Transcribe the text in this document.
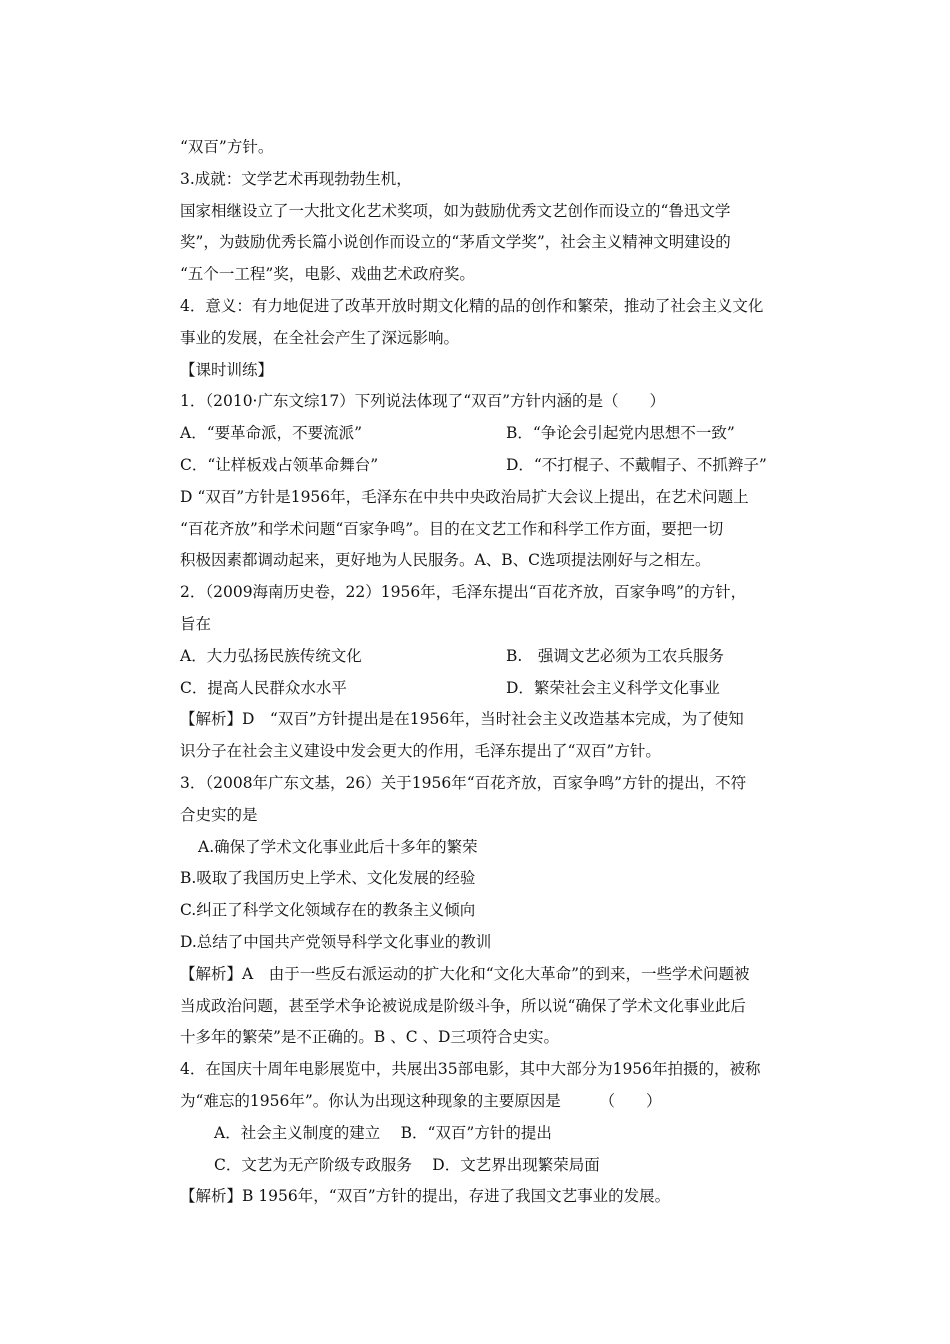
“双百”方针。
3.成就：文学艺术再现勃勃生机，
国家相继设立了一大批文化艺术奖项，如为鼓励优秀文艺创作而设立的“鲁迅文学
奖”，为鼓励优秀长篇小说创作而设立的“茅盾文学奖”，社会主义精神文明建设的
“五个一工程”奖，电影、戏曲艺术政府奖。
4．意义：有力地促进了改革开放时期文化精的品的创作和繁荣，推动了社会主义文化
事业的发展，在全社会产生了深远影响。
【课时训练】
1．（2010·广东文综17）下列说法体现了“双百”方针内涵的是（　　）
A．“要革命派，不要流派”	B．“争论会引起党内思想不一致”
C．“让样板戏占领革命舞台”	D．“不打棍子、不戴帽子、不抓辫子”
D “双百”方针是1956年，毛泽东在中共中央政治局扩大会议上提出，在艺术问题上
“百花齐放”和学术问题“百家争鸣”。目的在文艺工作和科学工作方面，要把一切
积极因素都调动起来，更好地为人民服务。A、B、C选项提法刚好与之相左。
2．（2009海南历史卷，22）1956年，毛泽东提出“百花齐放，百家争鸣”的方针，
旨在
A．大力弘扬民族传统文化	B.　强调文艺必须为工农兵服务
C．提高人民群众水水平	D．繁荣社会主义科学文化事业
【解析】D　“双百”方针提出是在1956年，当时社会主义改造基本完成，为了使知
识分子在社会主义建设中发会更大的作用，毛泽东提出了“双百”方针。
3．（2008年广东文基，26）关于1956年“百花齐放，百家争鸣”方针的提出，不符
合史实的是
A.确保了学术文化事业此后十多年的繁荣
B.吸取了我国历史上学术、文化发展的经验
C.纠正了科学文化领域存在的教条主义倾向
D.总结了中国共产党领导科学文化事业的教训
【解析】A　由于一些反右派运动的扩大化和“文化大革命”的到来，一些学术问题被
当成政治问题，甚至学术争论被说成是阶级斗争，所以说“确保了学术文化事业此后
十多年的繁荣”是不正确的。B 、C 、D三项符合史实。
4．在国庆十周年电影展览中，共展出35部电影，其中大部分为1956年拍摄的，被称
为“难忘的1956年”。你认为出现这种现象的主要原因是　　　（　　）
A．社会主义制度的建立　 B．“双百”方针的提出
C．文艺为无产阶级专政服务　 D．文艺界出现繁荣局面
【解析】B 1956年，“双百”方针的提出，存进了我国文艺事业的发展。
